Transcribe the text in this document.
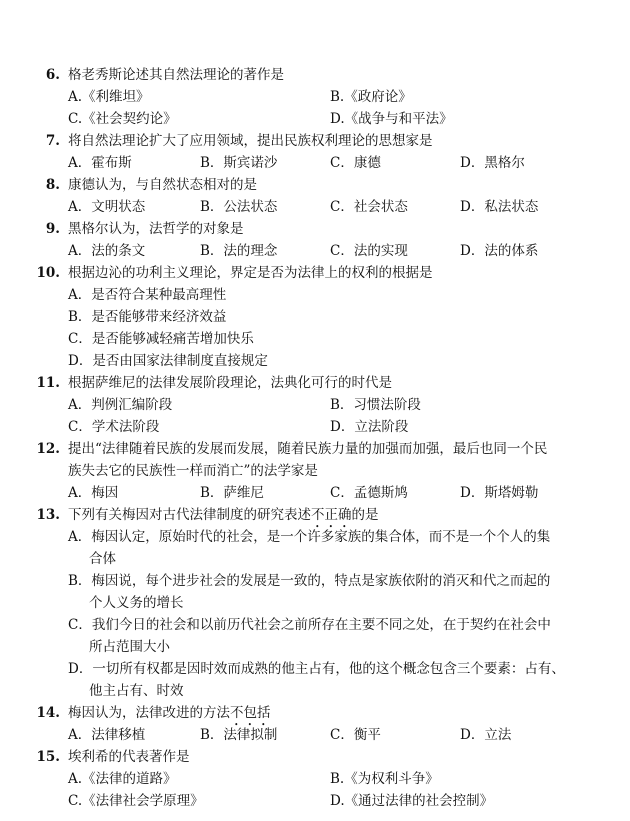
6. 格老秀斯论述其自然法理论的著作是
A.《利维坦》	B.《政府论》
C.《社会契约论》	D.《战争与和平法》
7. 将自然法理论扩大了应用领域，提出民族权利理论的思想家是
A．霍布斯	B．斯宾诺沙	C．康德	D．黑格尔
8. 康德认为，与自然状态相对的是
A．文明状态	B．公法状态	C．社会状态	D．私法状态
9. 黑格尔认为，法哲学的对象是
A．法的条文	B．法的理念	C．法的实现	D．法的体系
10. 根据边沁的功利主义理论，界定是否为法律上的权利的根据是
A．是否符合某种最高理性
B．是否能够带来经济效益
C．是否能够减轻痛苦增加快乐
D．是否由国家法律制度直接规定
11. 根据萨维尼的法律发展阶段理论，法典化可行的时代是
A．判例汇编阶段	B．习惯法阶段
C．学术法阶段	D．立法阶段
12. 提出“法律随着民族的发展而发展，随着民族力量的加强而加强，最后也同一个民
族失去它的民族性一样而消亡”的法学家是
A．梅因	B．萨维尼	C．孟德斯鸠	D．斯塔姆勒
13. 下列有关梅因对古代法律制度的研究表述不正确的是
A．梅因认定，原始时代的社会，是一个许多家族的集合体，而不是一个个人的集
合体
B．梅因说，每个进步社会的发展是一致的，特点是家族依附的消灭和代之而起的
个人义务的增长
C．我们今日的社会和以前历代社会之前所存在主要不同之处，在于契约在社会中
所占范围大小
D．一切所有权都是因时效而成熟的他主占有，他的这个概念包含三个要素：占有、
他主占有、时效
14. 梅因认为，法律改进的方法不包括
A．法律移植	B．法律拟制	C．衡平	D．立法
15. 埃利希的代表著作是
A.《法律的道路》	B.《为权利斗争》
C.《法律社会学原理》	D.《通过法律的社会控制》
